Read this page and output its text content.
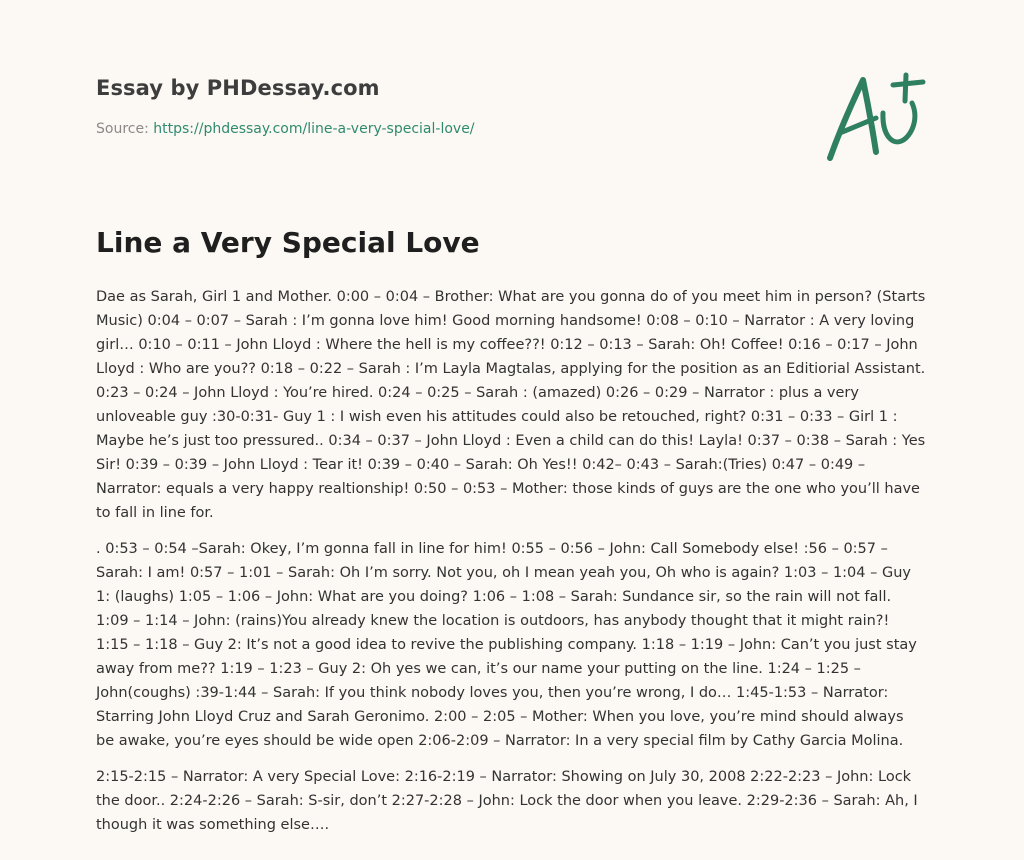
Essay by PHDessay.com
Source: https://phdessay.com/line-a-very-special-love/
Line a Very Special Love

Dae as Sarah, Girl 1 and Mother. 0:00 – 0:04 – Brother: What are you gonna do of you meet him in person? (Starts Music) 0:04 – 0:07 – Sarah : I’m gonna love him! Good morning handsome! 0:08 – 0:10 – Narrator : A very loving girl… 0:10 – 0:11 – John Lloyd : Where the hell is my coffee??! 0:12 – 0:13 – Sarah: Oh! Coffee! 0:16 – 0:17 – John Lloyd : Who are you?? 0:18 – 0:22 – Sarah : I’m Layla Magtalas, applying for the position as an Editiorial Assistant. 0:23 – 0:24 – John Lloyd : You’re hired. 0:24 – 0:25 – Sarah : (amazed) 0:26 – 0:29 – Narrator : plus a very unloveable guy :30-0:31- Guy 1 : I wish even his attitudes could also be retouched, right? 0:31 – 0:33 – Girl 1 : Maybe he’s just too pressured.. 0:34 – 0:37 – John Lloyd : Even a child can do this! Layla! 0:37 – 0:38 – Sarah : Yes Sir! 0:39 – 0:39 – John Lloyd : Tear it! 0:39 – 0:40 – Sarah: Oh Yes!! 0:42– 0:43 – Sarah:(Tries) 0:47 – 0:49 – Narrator: equals a very happy realtionship! 0:50 – 0:53 – Mother: those kinds of guys are the one who you’ll have to fall in line for.

. 0:53 – 0:54 –Sarah: Okey, I’m gonna fall in line for him! 0:55 – 0:56 – John: Call Somebody else! :56 – 0:57 – Sarah: I am! 0:57 – 1:01 – Sarah: Oh I’m sorry. Not you, oh I mean yeah you, Oh who is again? 1:03 – 1:04 – Guy 1: (laughs) 1:05 – 1:06 – John: What are you doing? 1:06 – 1:08 – Sarah: Sundance sir, so the rain will not fall. 1:09 – 1:14 – John: (rains)You already knew the location is outdoors, has anybody thought that it might rain?! 1:15 – 1:18 – Guy 2: It’s not a good idea to revive the publishing company. 1:18 – 1:19 – John: Can’t you just stay away from me?? 1:19 – 1:23 – Guy 2: Oh yes we can, it’s our name your putting on the line. 1:24 – 1:25 – John(coughs) :39-1:44 – Sarah: If you think nobody loves you, then you’re wrong, I do… 1:45-1:53 – Narrator: Starring John Lloyd Cruz and Sarah Geronimo. 2:00 – 2:05 – Mother: When you love, you’re mind should always be awake, you’re eyes should be wide open 2:06-2:09 – Narrator: In a very special film by Cathy Garcia Molina.

2:15-2:15 – Narrator: A very Special Love: 2:16-2:19 – Narrator: Showing on July 30, 2008 2:22-2:23 – John: Lock the door.. 2:24-2:26 – Sarah: S-sir, don’t 2:27-2:28 – John: Lock the door when you leave. 2:29-2:36 – Sarah: Ah, I though it was something else….
